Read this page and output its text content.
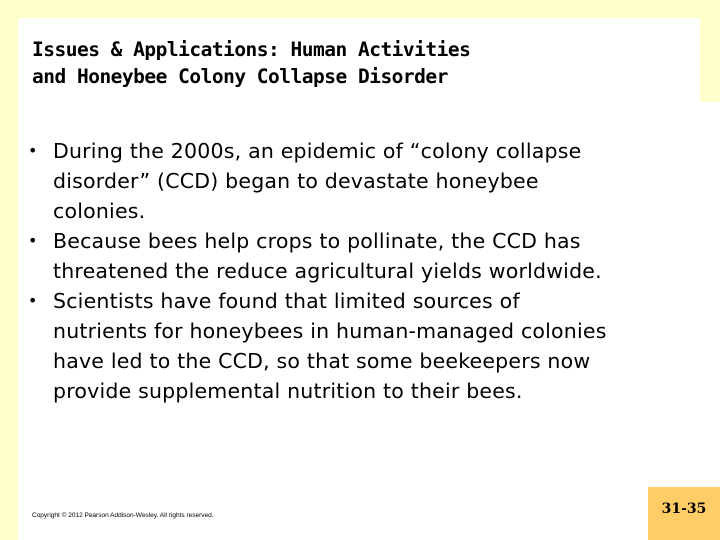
Issues & Applications: Human Activities
and Honeybee Colony Collapse Disorder
• During the 2000s, an epidemic of “colony collapse
disorder” (CCD) began to devastate honeybee
colonies.
• Because bees help crops to pollinate, the CCD has
threatened the reduce agricultural yields worldwide.
• Scientists have found that limited sources of
nutrients for honeybees in human-managed colonies
have led to the CCD, so that some beekeepers now
provide supplemental nutrition to their bees.
Copyright © 2012 Pearson Addison-Wesley. All rights reserved.	31-35
